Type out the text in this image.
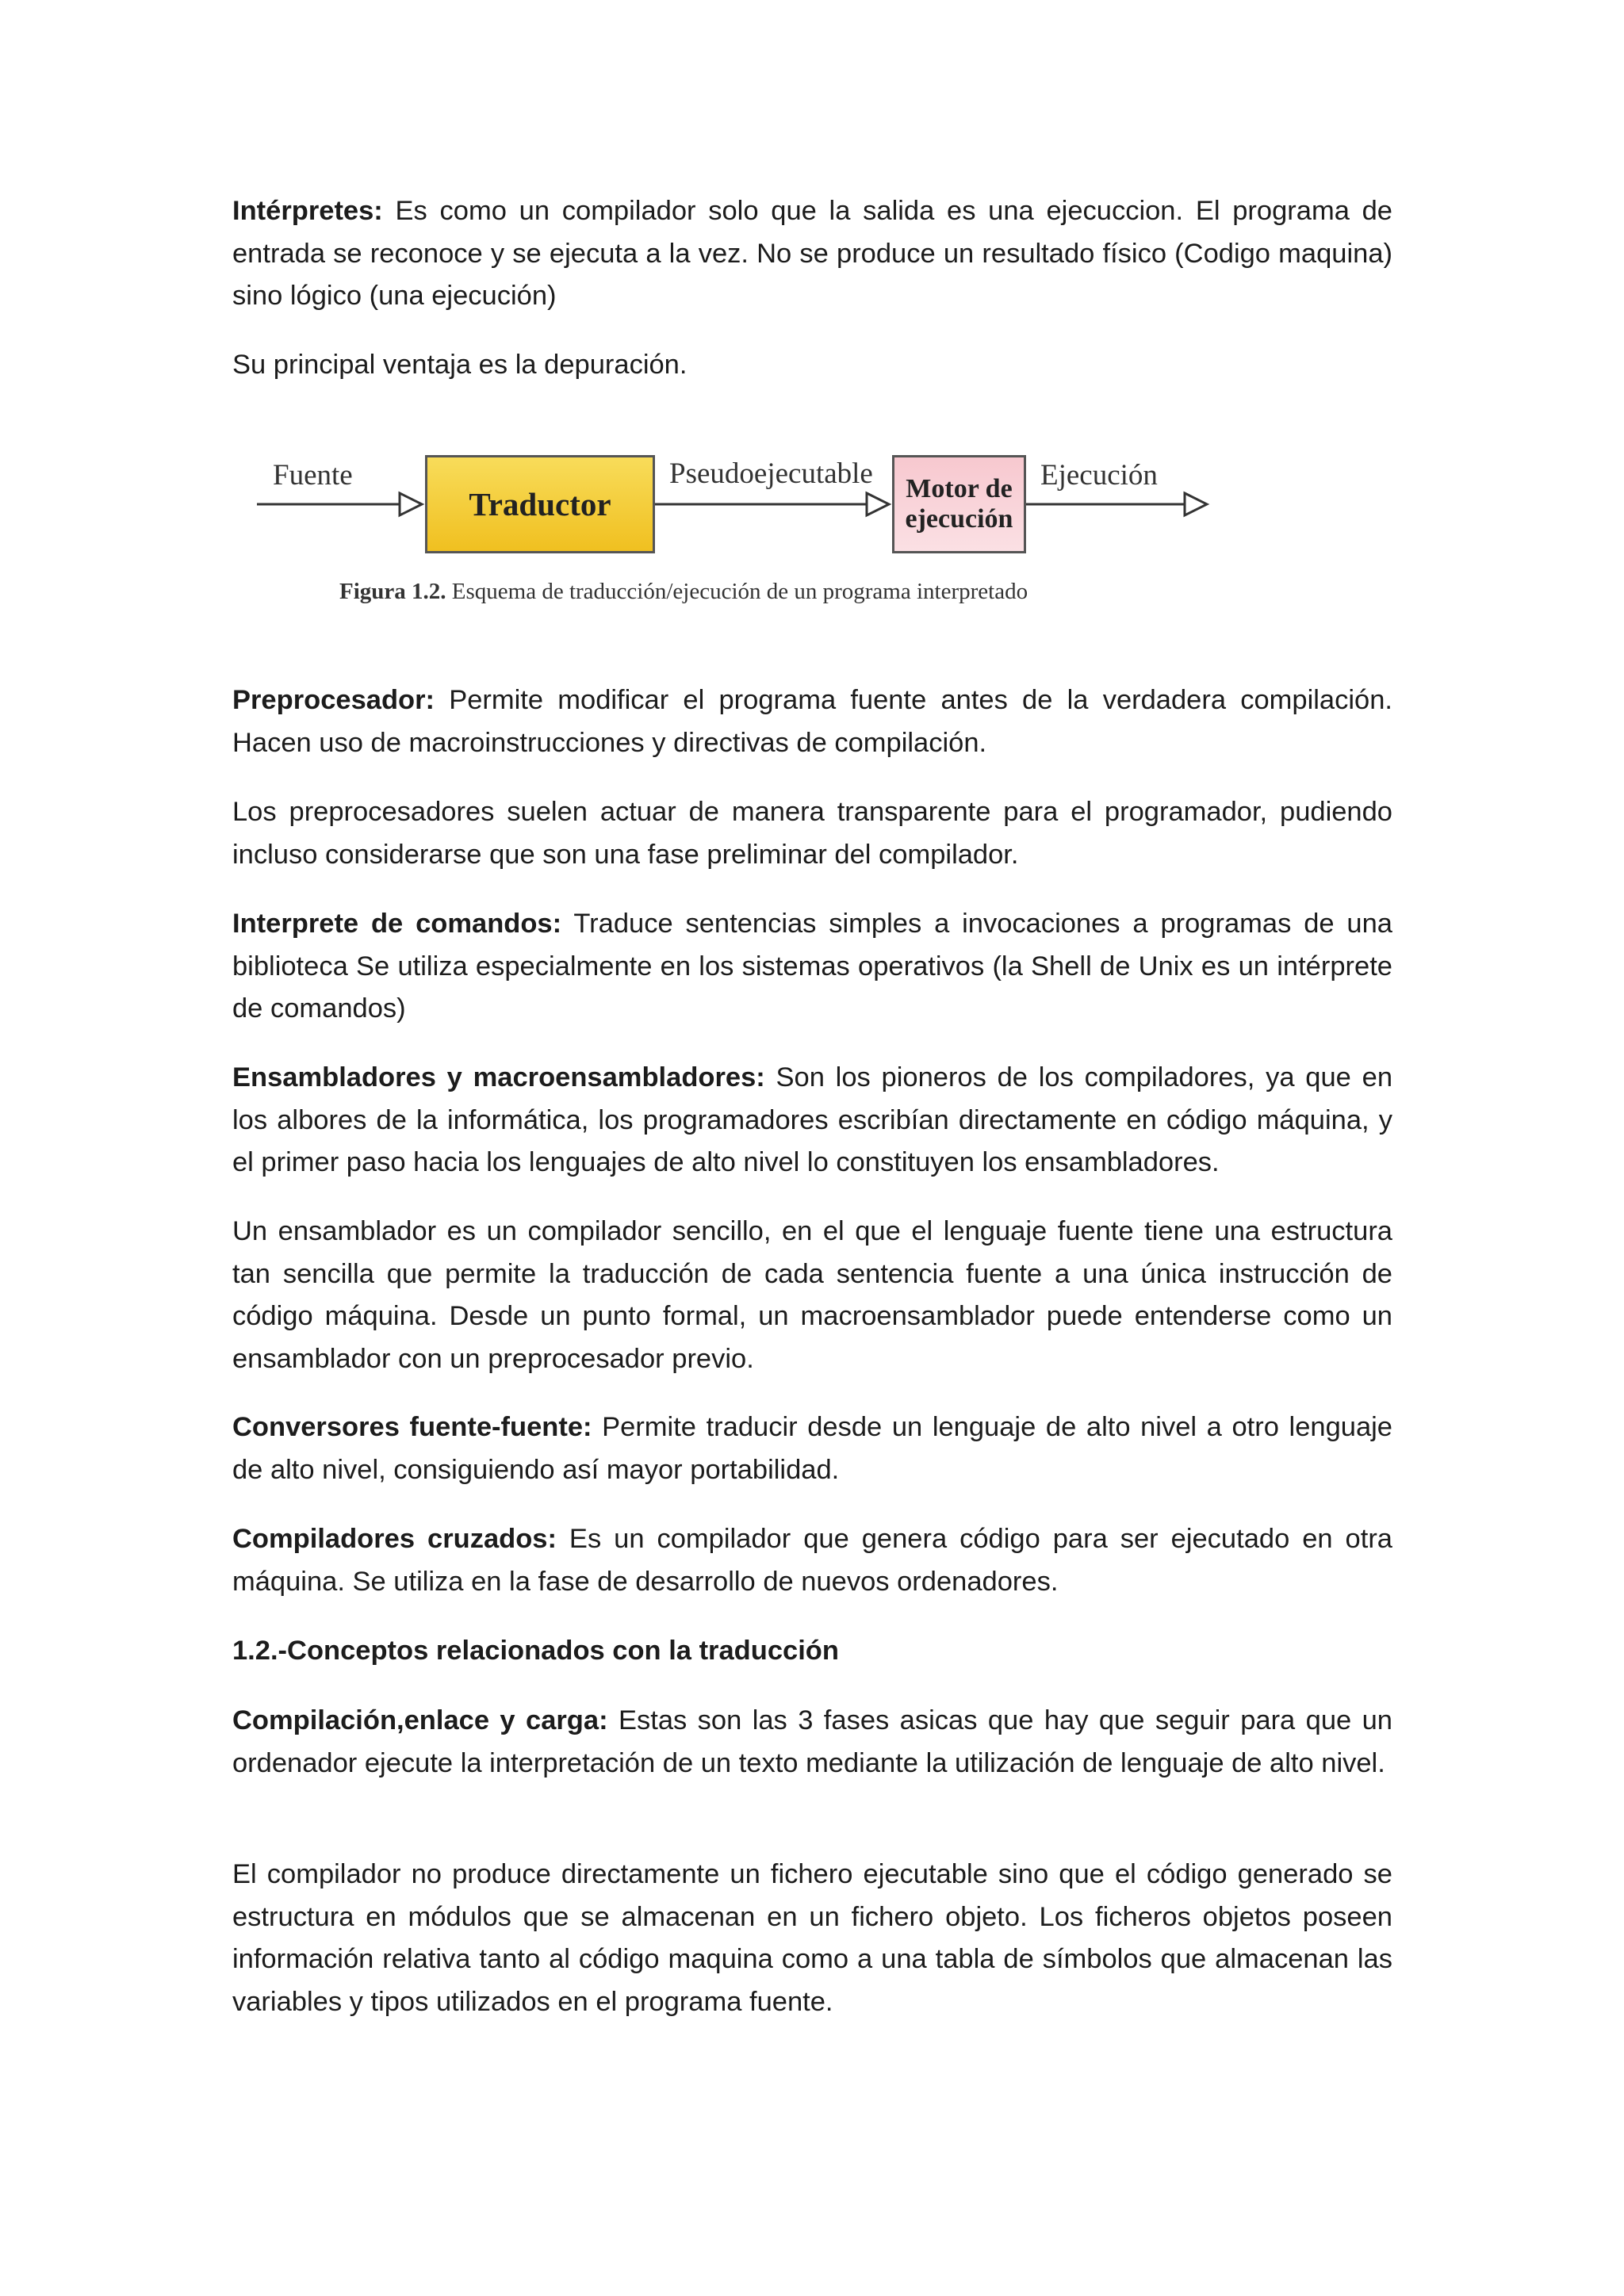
Intérpretes: Es como un compilador solo que la salida es una ejecuccion. El programa de entrada se reconoce y se ejecuta a la vez. No se produce un resultado físico (Codigo maquina) sino lógico (una ejecución)

Su principal ventaja es la depuración.

Preprocesador: Permite modificar el programa fuente antes de la verdadera compilación. Hacen uso de macroinstrucciones y directivas de compilación.

Los preprocesadores suelen actuar de manera transparente para el programador, pudiendo incluso considerarse que son una fase preliminar del compilador.

Interprete de comandos: Traduce sentencias simples a invocaciones a programas de una biblioteca Se utiliza especialmente en los sistemas operativos (la Shell de Unix es un intérprete de comandos)

Ensambladores y macroensambladores: Son los pioneros de los compiladores, ya que en los albores de la informática, los programadores escribían directamente en código máquina, y el primer paso hacia los lenguajes de alto nivel lo constituyen los ensambladores.

Un ensamblador es un compilador sencillo, en el que el lenguaje fuente tiene una estructura tan sencilla que permite la traducción de cada sentencia fuente a una única instrucción de código máquina. Desde un punto formal, un macroensamblador puede entenderse como un ensamblador con un preprocesador previo.

Conversores fuente-fuente: Permite traducir desde un lenguaje de alto nivel a otro lenguaje de alto nivel, consiguiendo así mayor portabilidad.

Compiladores cruzados: Es un compilador que genera código para ser ejecutado en otra máquina. Se utiliza en la fase de desarrollo de nuevos ordenadores.

1.2.-Conceptos relacionados con la traducción

Compilación,enlace y carga: Estas son las 3 fases asicas que hay que seguir para que un ordenador ejecute la interpretación de un texto mediante la utilización de lenguaje de alto nivel.

El compilador no produce directamente un fichero ejecutable sino que el código generado se estructura en módulos que se almacenan en un fichero objeto. Los ficheros objetos poseen información relativa tanto al código maquina como a una tabla de símbolos que almacenan las variables y tipos utilizados en el programa fuente.

Fuente
Traductor
Pseudoejecutable Motor de
ejecución
Ejecución
Figura 1.2. Esquema de traducción/ejecución de un programa interpretado
